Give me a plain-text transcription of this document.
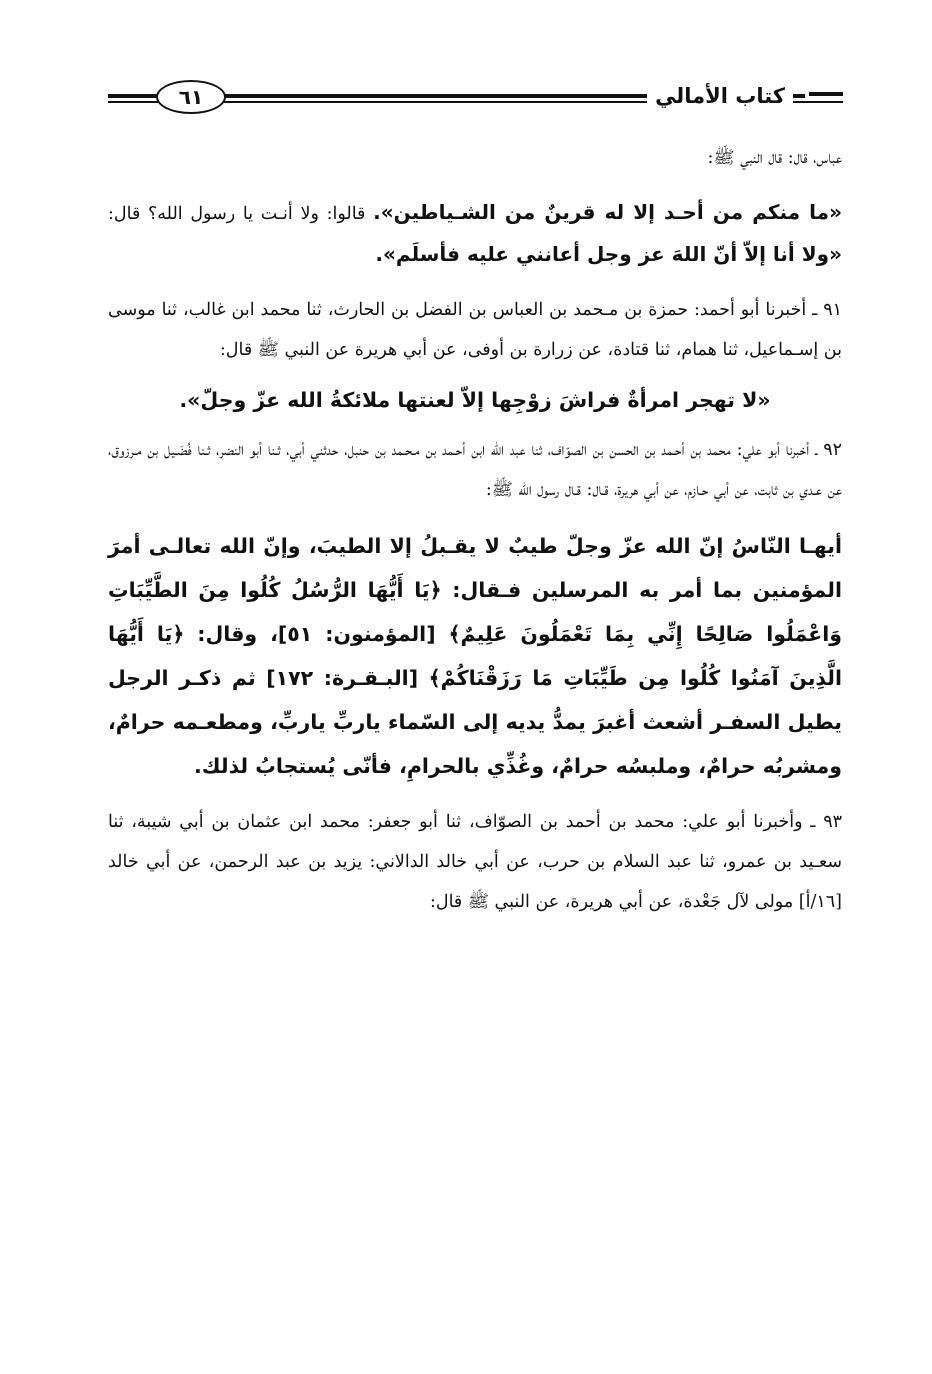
كتاب الأمالي
٦١

عباس، قال: قال النبي ﷺ:

«ما منكم من أحـد إلا له قرينٌ من الشـياطين». قالوا: ولا أنـت يا رسول الله؟ قال: «ولا أنا إلاّ أنّ اللهَ عز وجل أعانني عليه فأسلَم».

٩١ ـ أخبرنا أبو أحمد: حمزة بن مـحمد بن العباس بن الفضل بن الحارث، ثنا محمد ابن غالب، ثنا موسى بن إسـماعيل، ثنا همام، ثنا قتادة، عن زرارة بن أوفى، عن أبي هريرة عن النبي ﷺ قال:

«لا تهجر امرأةٌ فراشَ زوْجِها إلاّ لعنتها ملائكةُ الله عزّ وجلّ».

٩٢ ـ أخبرنا أبو علي: محمد بن أحـمد بن الحسن بن الصوّاف، ثنا عبد الله ابن أحـمد بن مـحـمد بن حنبل، حدثني أبي، ثـنا أبو النضر، ثـنا فُضَـيل بن مـرزوق، عن عـدي بن ثابت، عن أبي حـازم، عن أبي هريرة، قـال: قـال رسول الله ﷺ:

أيهـا النّاسُ إنّ الله عزّ وجلّ طيبٌ لا يقـبلُ إلا الطيبَ، وإنّ الله تعالـى أمرَ المؤمنين بما أمر به المرسلين فـقال: ﴿يَا أَيُّهَا الرُّسُلُ كُلُوا مِنَ الطَّيِّبَاتِ وَاعْمَلُوا صَالِحًا إِنِّي بِمَا تَعْمَلُونَ عَلِيمٌ﴾ [المؤمنون: ٥١]، وقال: ﴿يَا أَيُّهَا الَّذِينَ آمَنُوا كُلُوا مِن طَيِّبَاتِ مَا رَزَقْنَاكُمْ﴾ [البـقـرة: ١٧٢] ثم ذكـر الرجل يطيل السفـر أشعث أغبرَ يمدُّ يديه إلى السّماء ياربِّ ياربِّ، ومطعـمه حرامٌ، ومشربُه حرامٌ، وملبسُه حرامٌ، وغُذِّي بالحرامِ، فأنّى يُستجابُ لذلك.

٩٣ ـ وأخبرنا أبو علي: محمد بن أحمد بن الصوّاف، ثنا أبو جعفر: محمد ابن عثمان بن أبي شيبة، ثنا سعـيد بن عمرو، ثنا عبد السلام بن حرب، عن أبي خالد الدالاني: يزيد بن عبد الرحمن، عن أبي خالد [١٦/أ] مولى لآل جَعْدة، عن أبي هريرة، عن النبي ﷺ قال:
